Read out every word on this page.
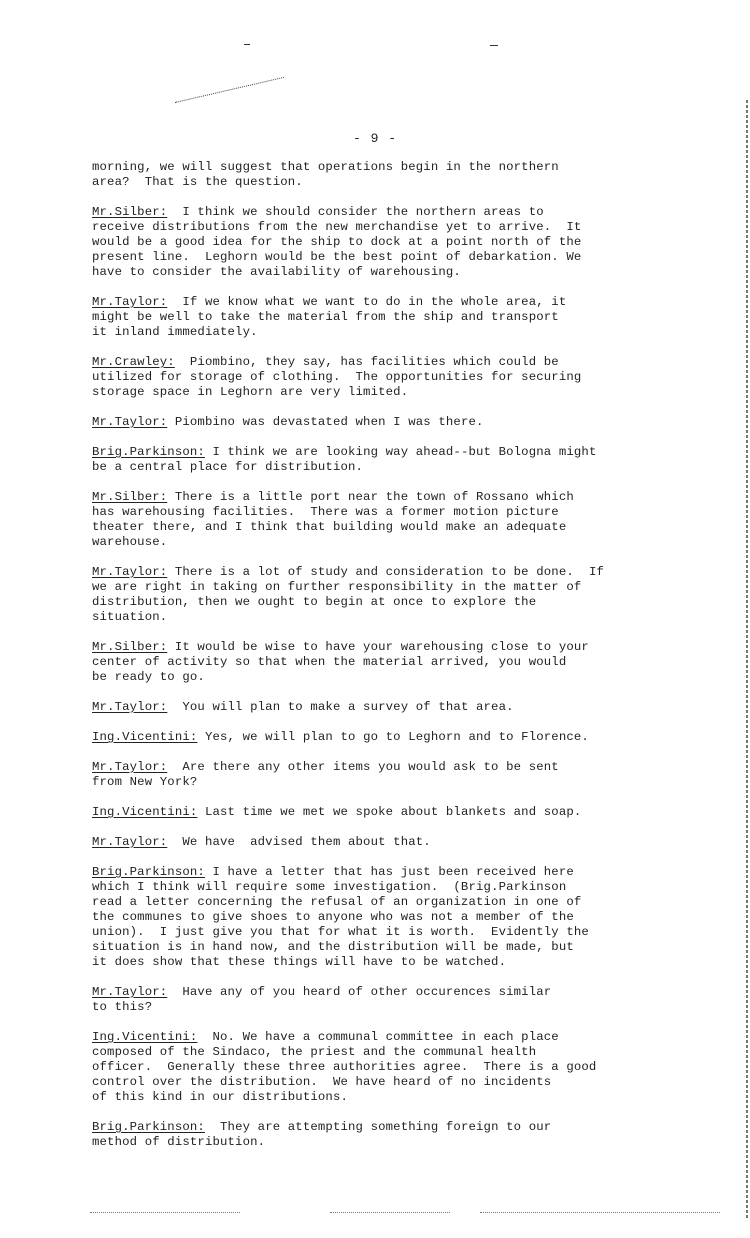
- 9 -

morning, we will suggest that operations begin in the northern
area?  That is the question.

Mr.Silber:  I think we should consider the northern areas to
receive distributions from the new merchandise yet to arrive.  It
would be a good idea for the ship to dock at a point north of the
present line.  Leghorn would be the best point of debarkation. We
have to consider the availability of warehousing.

Mr.Taylor:  If we know what we want to do in the whole area, it
might be well to take the material from the ship and transport
it inland immediately.

Mr.Crawley:  Piombino, they say, has facilities which could be
utilized for storage of clothing.  The opportunities for securing
storage space in Leghorn are very limited.

Mr.Taylor: Piombino was devastated when I was there.

Brig.Parkinson: I think we are looking way ahead--but Bologna might
be a central place for distribution.

Mr.Silber: There is a little port near the town of Rossano which
has warehousing facilities.  There was a former motion picture
theater there, and I think that building would make an adequate
warehouse.

Mr.Taylor: There is a lot of study and consideration to be done.  If
we are right in taking on further responsibility in the matter of
distribution, then we ought to begin at once to explore the
situation.

Mr.Silber: It would be wise to have your warehousing close to your
center of activity so that when the material arrived, you would
be ready to go.

Mr.Taylor:  You will plan to make a survey of that area.

Ing.Vicentini: Yes, we will plan to go to Leghorn and to Florence.

Mr.Taylor:  Are there any other items you would ask to be sent
from New York?

Ing.Vicentini: Last time we met we spoke about blankets and soap.

Mr.Taylor:  We have  advised them about that.

Brig.Parkinson: I have a letter that has just been received here
which I think will require some investigation.  (Brig.Parkinson
read a letter concerning the refusal of an organization in one of
the communes to give shoes to anyone who was not a member of the
union).  I just give you that for what it is worth.  Evidently the
situation is in hand now, and the distribution will be made, but
it does show that these things will have to be watched.

Mr.Taylor:  Have any of you heard of other occurences similar
to this?

Ing.Vicentini:  No. We have a communal committee in each place
composed of the Sindaco, the priest and the communal health
officer.  Generally these three authorities agree.  There is a good
control over the distribution.  We have heard of no incidents
of this kind in our distributions.

Brig.Parkinson:  They are attempting something foreign to our
method of distribution.
